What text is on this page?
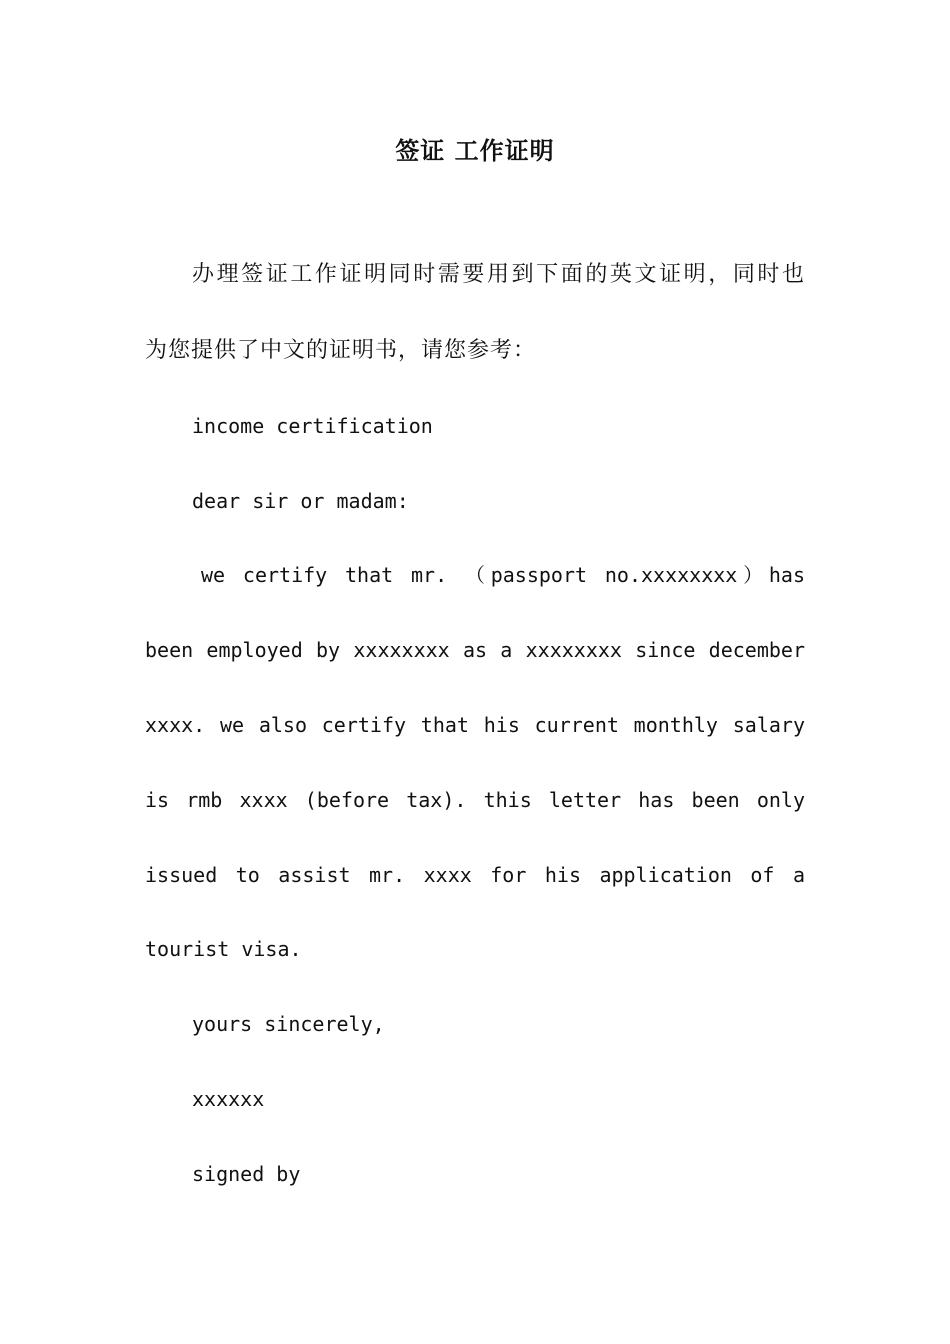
签证 工作证明
办理签证工作证明同时需要用到下面的英文证明，同时也
为您提供了中文的证明书，请您参考：
income certification
dear sir or madam:
we certify that mr. （passport no.xxxxxxxx）has
been employed by xxxxxxxx as a xxxxxxxx since december
xxxx. we also certify that his current monthly salary
is rmb xxxx (before tax). this letter has been only
issued to assist mr. xxxx for his application of a
tourist visa.
yours sincerely,
xxxxxx
signed by
